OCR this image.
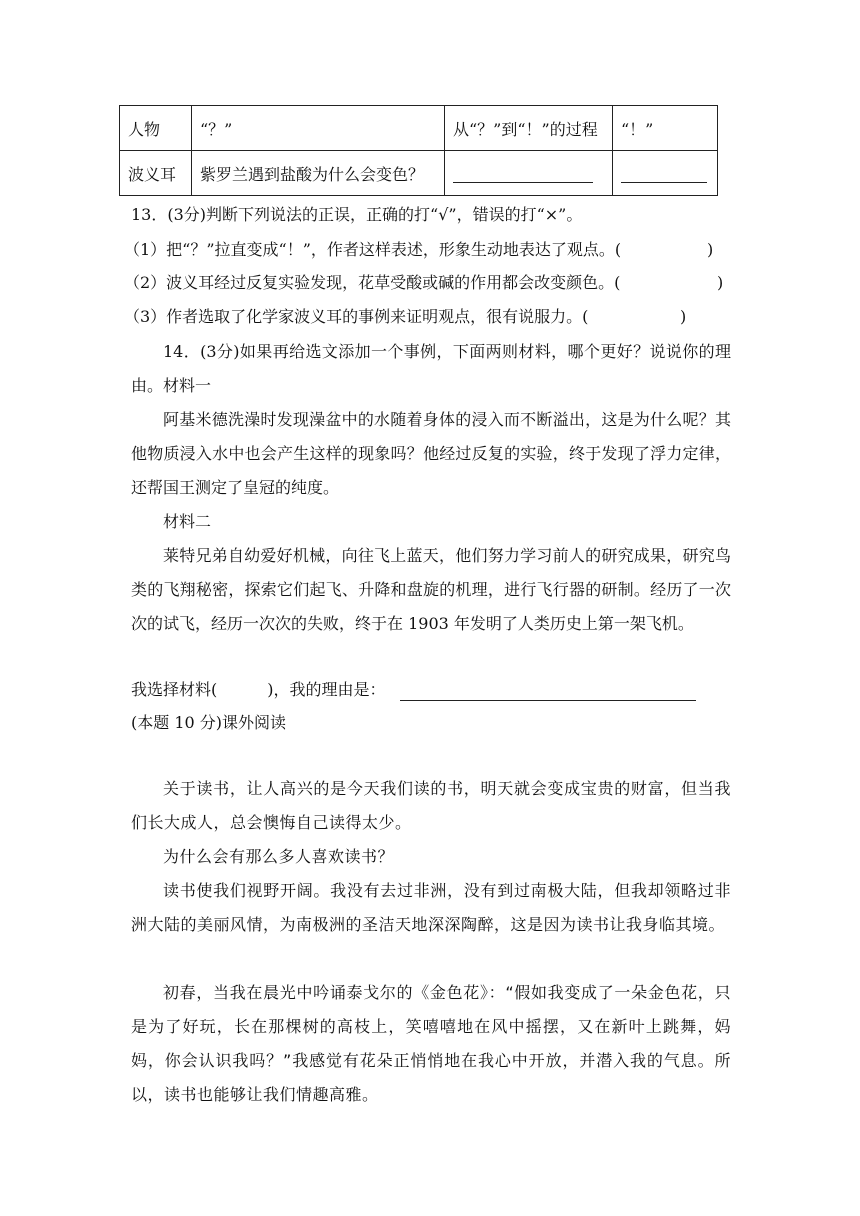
人物	“？”	从“？”到“！”的过程	“！”
波义耳	紫罗兰遇到盐酸为什么会变色？		
13．(3分)判断下列说法的正误，正确的打“√”，错误的打“×”。
（1）把“？”拉直变成“！”，作者这样表述，形象生动地表达了观点。(	)
（2）波义耳经过反复实验发现，花草受酸或碱的作用都会改变颜色。(	)
（3）作者选取了化学家波义耳的事例来证明观点，很有说服力。(	)
14．(3分)如果再给选文添加一个事例，下面两则材料，哪个更好？说说你的理由。材料一
阿基米德洗澡时发现澡盆中的水随着身体的浸入而不断溢出，这是为什么呢？其他物质浸入水中也会产生这样的现象吗？他经过反复的实验，终于发现了浮力定律，还帮国王测定了皇冠的纯度。
材料二
莱特兄弟自幼爱好机械，向往飞上蓝天，他们努力学习前人的研究成果，研究鸟类的飞翔秘密，探索它们起飞、升降和盘旋的机理，进行飞行器的研制。经历了一次次的试飞，经历一次次的失败，终于在 1903 年发明了人类历史上第一架飞机。
我选择材料(	)，我的理由是：
(本题 10 分)课外阅读
关于读书，让人高兴的是今天我们读的书，明天就会变成宝贵的财富，但当我们长大成人，总会懊悔自己读得太少。
为什么会有那么多人喜欢读书？
读书使我们视野开阔。我没有去过非洲，没有到过南极大陆，但我却领略过非洲大陆的美丽风情，为南极洲的圣洁天地深深陶醉，这是因为读书让我身临其境。
初春，当我在晨光中吟诵泰戈尔的《金色花》：“假如我变成了一朵金色花，只是为了好玩，长在那棵树的高枝上，笑嘻嘻地在风中摇摆，又在新叶上跳舞，妈妈，你会认识我吗？”我感觉有花朵正悄悄地在我心中开放，并潜入我的气息。所以，读书也能够让我们情趣高雅。
